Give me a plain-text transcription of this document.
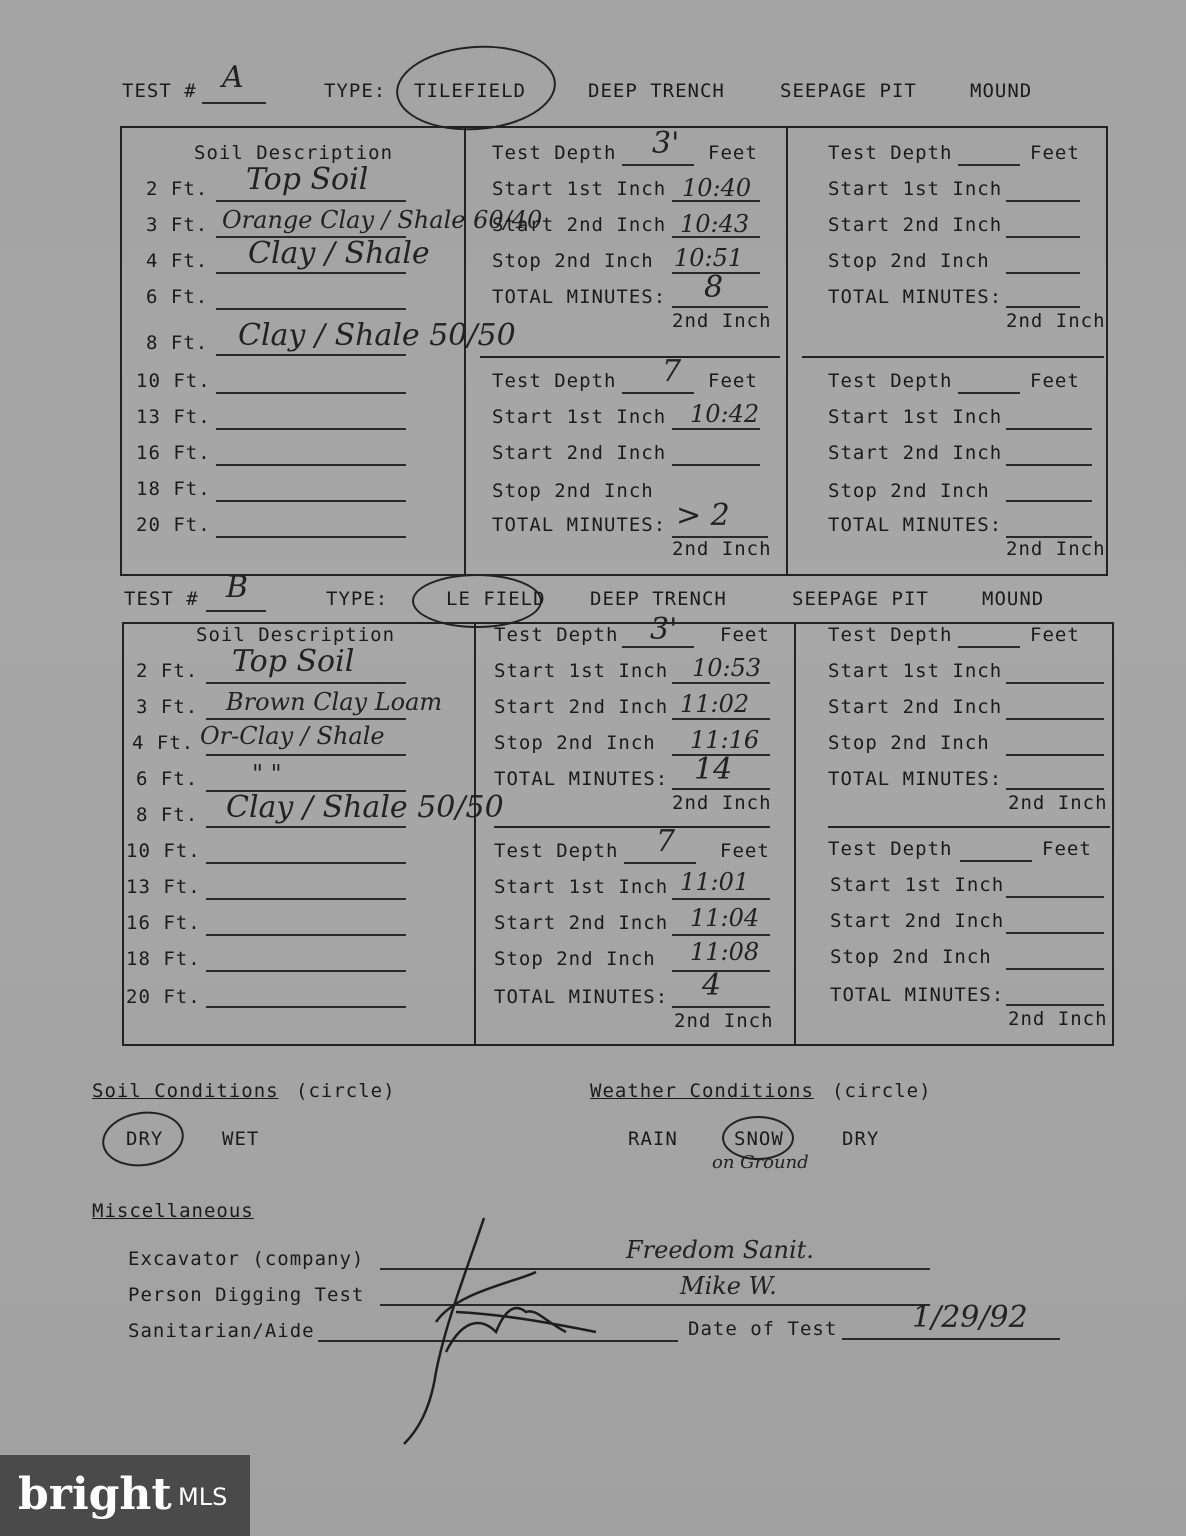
TEST # A	TYPE: TILEFIELD	DEEP TRENCH	SEEPAGE PIT	MOUND
Soil Description
2 Ft. Top Soil
3 Ft. Orange Clay / Shale 60/40
4 Ft. Clay / Shale
6 Ft.
8 Ft. Clay / Shale 50/50
10 Ft.
13 Ft.
16 Ft.
18 Ft.
20 Ft.
Test Depth 3' Feet
Start 1st Inch 10:40
Start 2nd Inch 10:43
Stop 2nd Inch 10:51
TOTAL MINUTES: 8
2nd Inch
Test Depth	Feet
Start 1st Inch
Start 2nd Inch
Stop 2nd Inch
TOTAL MINUTES:
2nd Inch
Test Depth 7 Feet
Start 1st Inch 10:42
Start 2nd Inch
Stop 2nd Inch
TOTAL MINUTES: > 2
2nd Inch
Test Depth	Feet
Start 1st Inch
Start 2nd Inch
Stop 2nd Inch
TOTAL MINUTES:
2nd Inch
TEST # B	TYPE:	LE FIELD DEEP TRENCH	SEEPAGE PIT	MOUND
Soil Description
2 Ft. Top Soil
3 Ft. Brown Clay Loam
4 Ft. Or-Clay / Shale
6 Ft. " "
8 Ft. Clay / Shale 50/50
10 Ft.
13 Ft.
16 Ft.
18 Ft.
20 Ft.
Test Depth 3' Feet
Start 1st Inch 10:53
Start 2nd Inch 11:02
Stop 2nd Inch 11:16
TOTAL MINUTES: 14
2nd Inch
Test Depth	Feet
Start 1st Inch
Start 2nd Inch
Stop 2nd Inch
TOTAL MINUTES:
2nd Inch
Test Depth 7 Feet
Start 1st Inch 11:01
Start 2nd Inch 11:04
Stop 2nd Inch 11:08
TOTAL MINUTES: 4
2nd Inch
Test Depth	Feet
Start 1st Inch
Start 2nd Inch
Stop 2nd Inch
TOTAL MINUTES:
2nd Inch
Soil Conditions (circle)
DRY	WET
Weather Conditions (circle)
RAIN	SNOW	DRY
on Ground
Miscellaneous
Excavator (company)	Freedom Sanit.
Person Digging Test	Mike W.
Sanitarian/Aide	Date of Test 1/29/92
bright MLS
